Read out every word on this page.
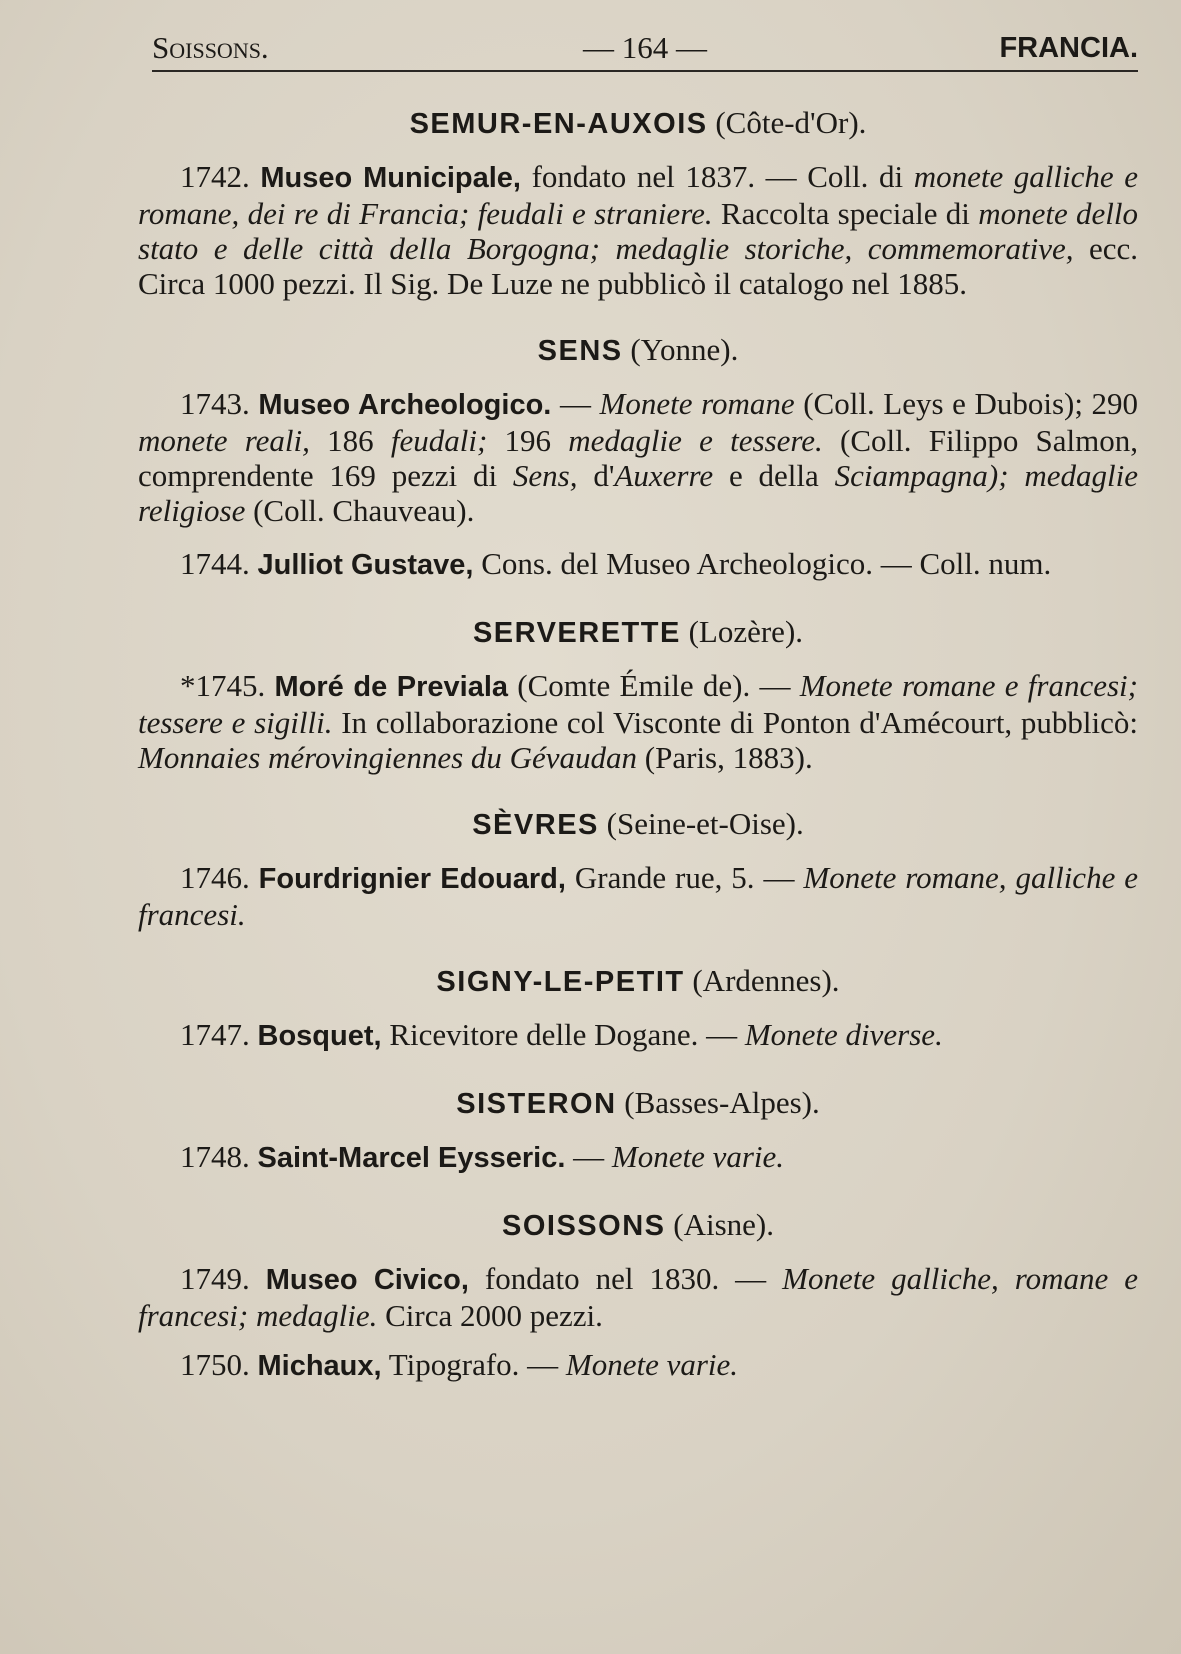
Soissons.	— 164 —	FRANCIA.
SEMUR-EN-AUXOIS (Côte-d'Or).

1742. Museo Municipale, fondato nel 1837. — Coll. di monete galliche e romane, dei re di Francia; feudali e straniere. Raccolta speciale di monete dello stato e delle città della Borgogna; medaglie storiche, commemorative, ecc. Circa 1000 pezzi. Il Sig. De Luze ne pubblicò il catalogo nel 1885.

SENS (Yonne).

1743. Museo Archeologico. — Monete romane (Coll. Leys e Dubois); 290 monete reali, 186 feudali; 196 medaglie e tessere. (Coll. Filippo Salmon, comprendente 169 pezzi di Sens, d'Auxerre e della Sciampagna); medaglie religiose (Coll. Chauveau).

1744. Julliot Gustave, Cons. del Museo Archeologico. — Coll. num.

SERVERETTE (Lozère).

*1745. Moré de Previala (Comte Émile de). — Monete romane e francesi; tessere e sigilli. In collaborazione col Visconte di Ponton d'Amécourt, pubblicò: Monnaies mérovingiennes du Gévaudan (Paris, 1883).

SÈVRES (Seine-et-Oise).

1746. Fourdrignier Edouard, Grande rue, 5. — Monete romane, galliche e francesi.

SIGNY-LE-PETIT (Ardennes).

1747. Bosquet, Ricevitore delle Dogane. — Monete diverse.

SISTERON (Basses-Alpes).

1748. Saint-Marcel Eysseric. — Monete varie.

SOISSONS (Aisne).

1749. Museo Civico, fondato nel 1830. — Monete galliche, romane e francesi; medaglie. Circa 2000 pezzi.

1750. Michaux, Tipografo. — Monete varie.
